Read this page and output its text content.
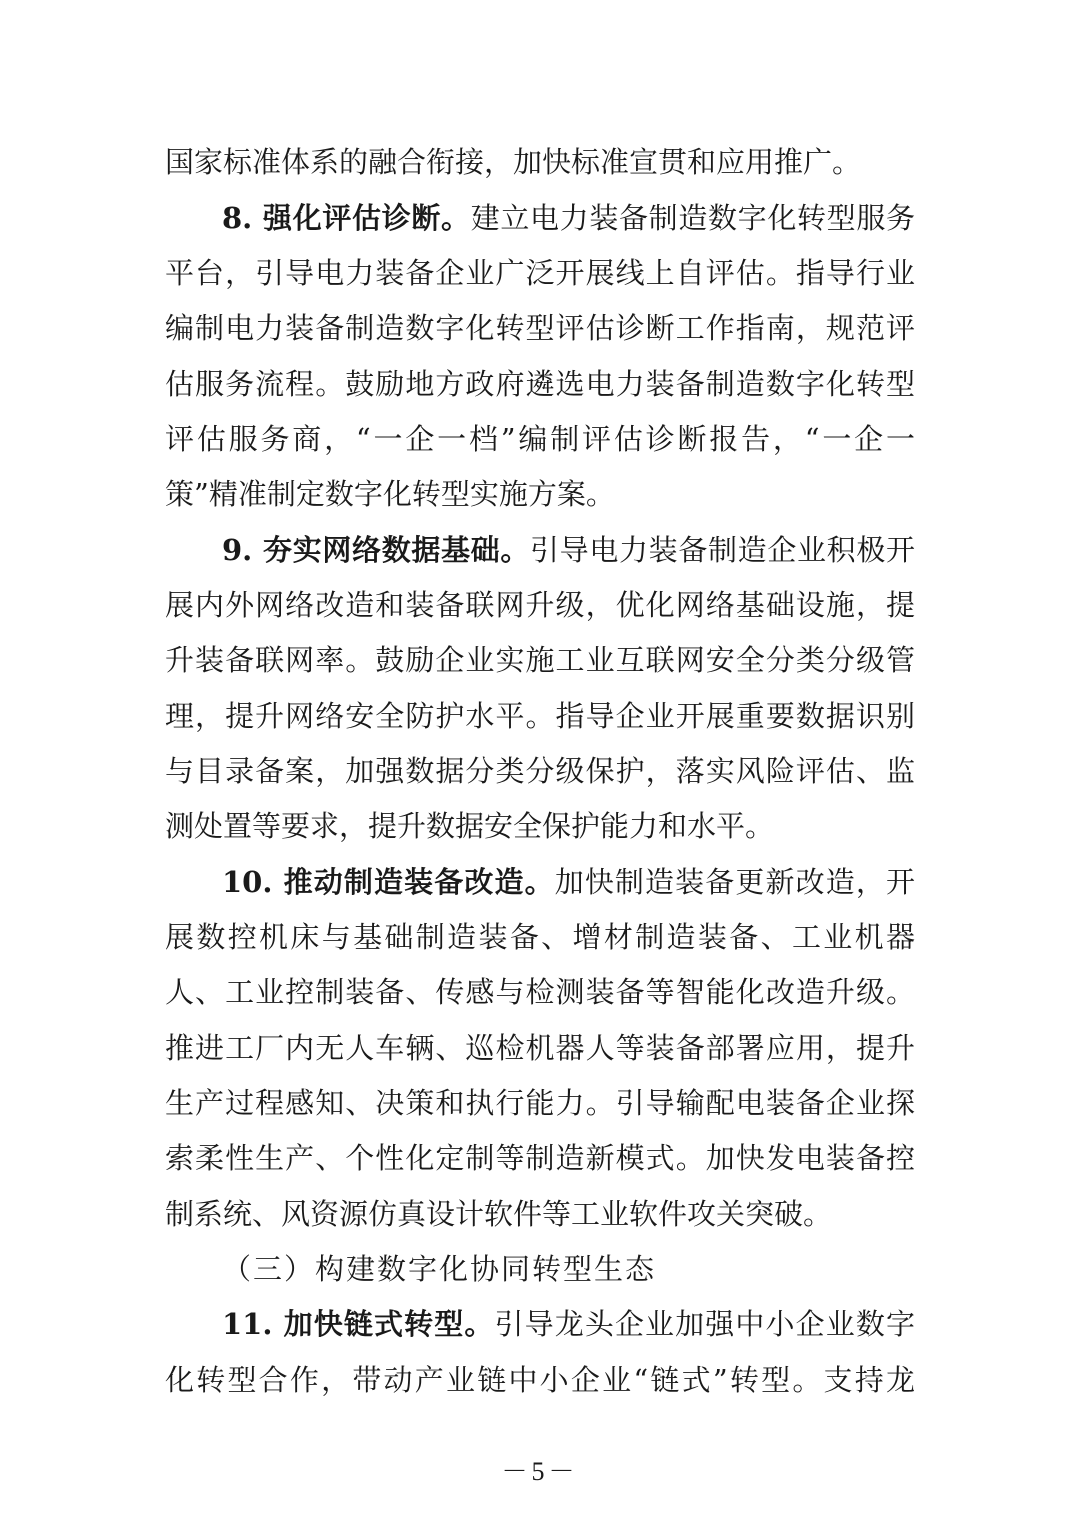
国家标准体系的融合衔接，加快标准宣贯和应用推广。
8. 强化评估诊断。建立电力装备制造数字化转型服务
平台，引导电力装备企业广泛开展线上自评估。指导行业
编制电力装备制造数字化转型评估诊断工作指南，规范评
估服务流程。鼓励地方政府遴选电力装备制造数字化转型
评估服务商，“一企一档”编制评估诊断报告，“一企一
策”精准制定数字化转型实施方案。
9. 夯实网络数据基础。引导电力装备制造企业积极开
展内外网络改造和装备联网升级，优化网络基础设施，提
升装备联网率。鼓励企业实施工业互联网安全分类分级管
理，提升网络安全防护水平。指导企业开展重要数据识别
与目录备案，加强数据分类分级保护，落实风险评估、监
测处置等要求，提升数据安全保护能力和水平。
10. 推动制造装备改造。加快制造装备更新改造，开
展数控机床与基础制造装备、增材制造装备、工业机器
人、工业控制装备、传感与检测装备等智能化改造升级。
推进工厂内无人车辆、巡检机器人等装备部署应用，提升
生产过程感知、决策和执行能力。引导输配电装备企业探
索柔性生产、个性化定制等制造新模式。加快发电装备控
制系统、风资源仿真设计软件等工业软件攻关突破。
（三）构建数字化协同转型生态
11. 加快链式转型。引导龙头企业加强中小企业数字
化转型合作，带动产业链中小企业“链式”转型。支持龙
－5－
